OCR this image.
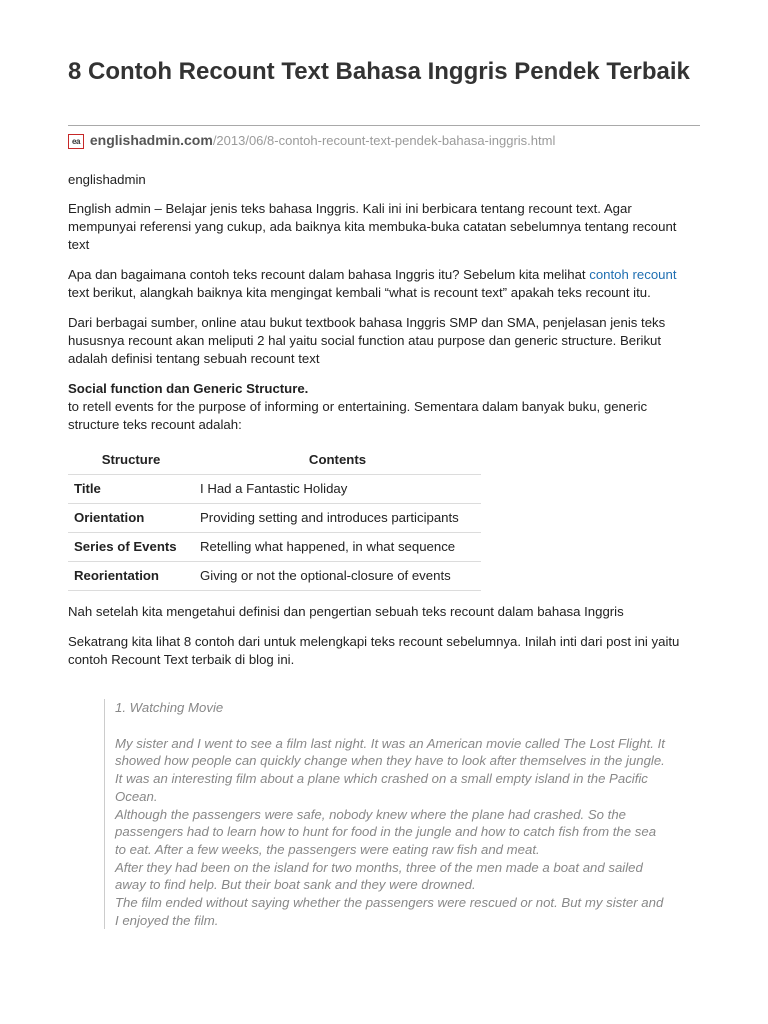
8 Contoh Recount Text Bahasa Inggris Pendek Terbaik
ea englishadmin.com/2013/06/8-contoh-recount-text-pendek-bahasa-inggris.html

englishadmin

English admin – Belajar jenis teks bahasa Inggris. Kali ini ini berbicara tentang recount text. Agar mempunyai referensi yang cukup, ada baiknya kita membuka-buka catatan sebelumnya tentang recount text

Apa dan bagaimana contoh teks recount dalam bahasa Inggris itu? Sebelum kita melihat contoh recount text berikut, alangkah baiknya kita mengingat kembali “what is recount text” apakah teks recount itu.

Dari berbagai sumber, online atau bukut textbook bahasa Inggris SMP dan SMA, penjelasan jenis teks hususnya recount akan meliputi 2 hal yaitu social function atau purpose dan generic structure. Berikut adalah definisi tentang sebuah recount text

Social function dan Generic Structure.

to retell events for the purpose of informing or entertaining. Sementara dalam banyak buku, generic structure teks recount adalah:

Structure	Contents
Title	I Had a Fantastic Holiday
Orientation	Providing setting and introduces participants
Series of Events	Retelling what happened, in what sequence
Reorientation	Giving or not the optional-closure of events

Nah setelah kita mengetahui definisi dan pengertian sebuah teks recount dalam bahasa Inggris

Sekatrang kita lihat 8 contoh dari untuk melengkapi teks recount sebelumnya. Inilah inti dari post ini yaitu contoh Recount Text terbaik di blog ini.

1. Watching Movie
My sister and I went to see a film last night. It was an American movie called The Lost Flight. It showed how people can quickly change when they have to look after themselves in the jungle. It was an interesting film about a plane which crashed on a small empty island in the Pacific Ocean.
Although the passengers were safe, nobody knew where the plane had crashed. So the passengers had to learn how to hunt for food in the jungle and how to catch fish from the sea to eat. After a few weeks, the passengers were eating raw fish and meat.
After they had been on the island for two months, three of the men made a boat and sailed away to find help. But their boat sank and they were drowned.
The film ended without saying whether the passengers were rescued or not. But my sister and I enjoyed the film.
